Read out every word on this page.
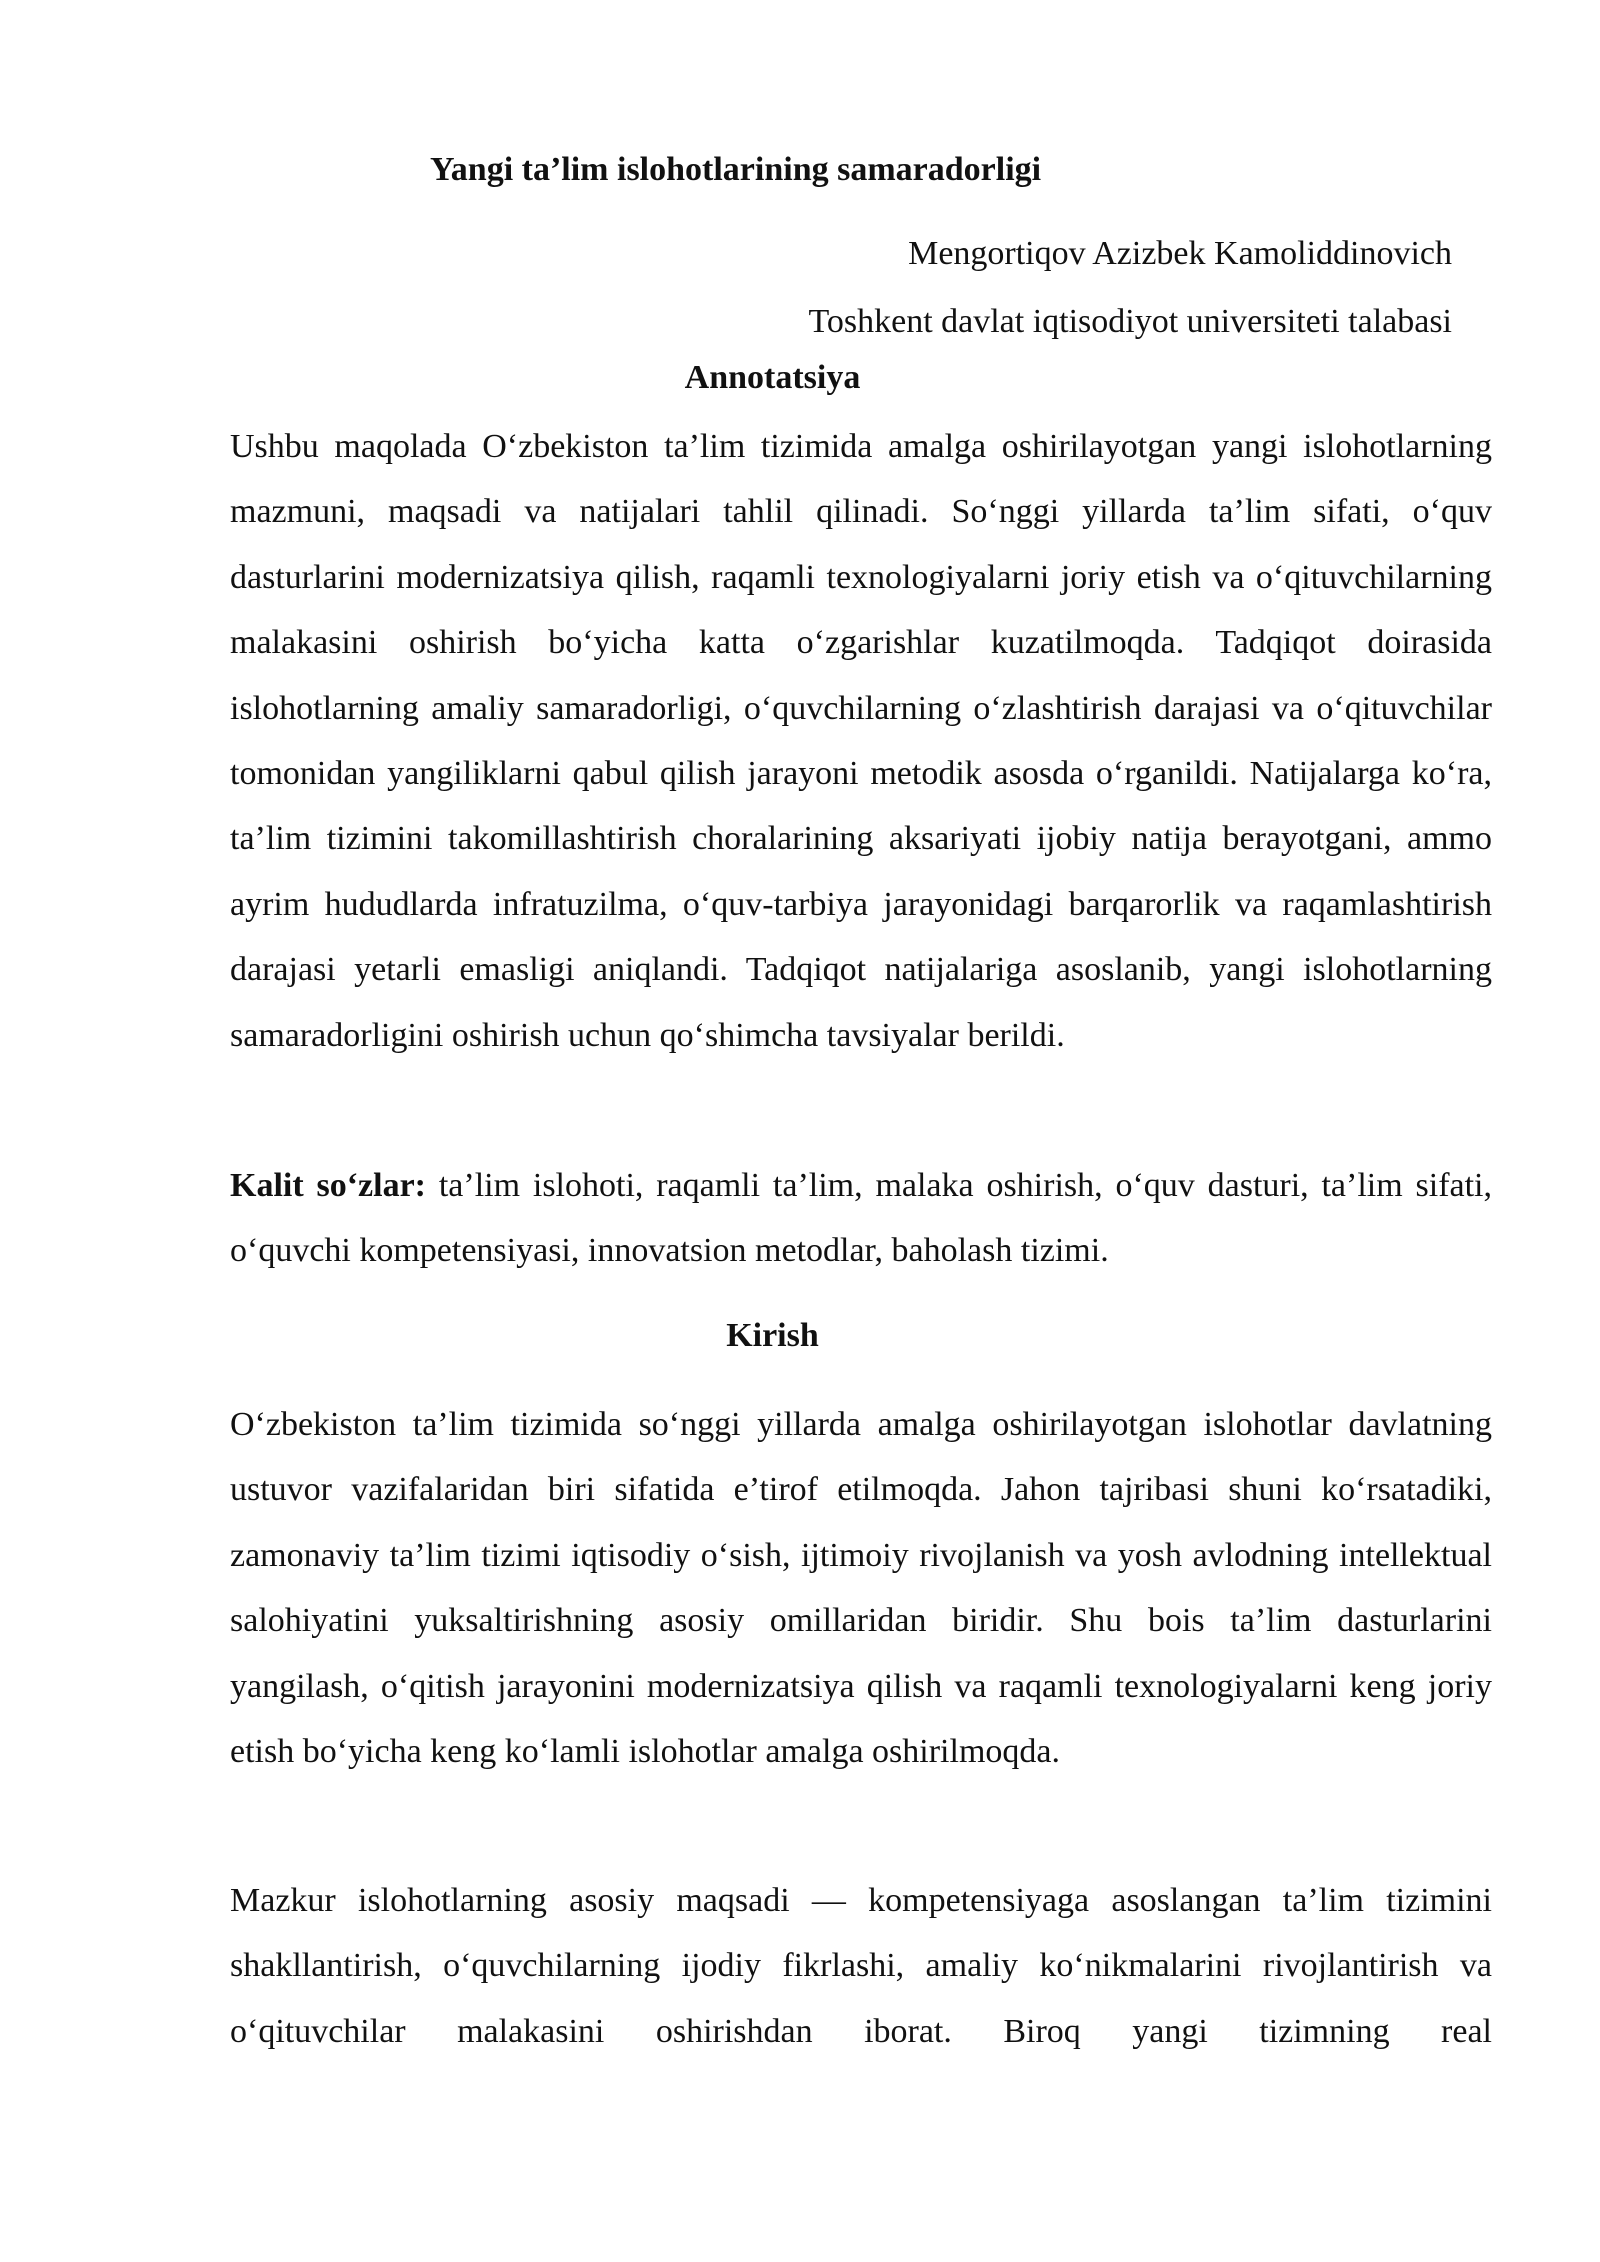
Yangi ta’lim islohotlarining samaradorligi
Mengortiqov Azizbek Kamoliddinovich
Toshkent davlat iqtisodiyot universiteti talabasi
Annotatsiya

Ushbu maqolada O‘zbekiston ta’lim tizimida amalga oshirilayotgan yangi islohotlarning mazmuni, maqsadi va natijalari tahlil qilinadi. So‘nggi yillarda ta’lim sifati, o‘quv dasturlarini modernizatsiya qilish, raqamli texnologiyalarni joriy etish va o‘qituvchilarning malakasini oshirish bo‘yicha katta o‘zgarishlar kuzatilmoqda. Tadqiqot doirasida islohotlarning amaliy samaradorligi, o‘quvchilarning o‘zlashtirish darajasi va o‘qituvchilar tomonidan yangiliklarni qabul qilish jarayoni metodik asosda o‘rganildi. Natijalarga ko‘ra, ta’lim tizimini takomillashtirish choralarining aksariyati ijobiy natija berayotgani, ammo ayrim hududlarda infratuzilma, o‘quv-tarbiya jarayonidagi barqarorlik va raqamlashtirish darajasi yetarli emasligi aniqlandi. Tadqiqot natijalariga asoslanib, yangi islohotlarning samaradorligini oshirish uchun qo‘shimcha tavsiyalar berildi.

Kalit so‘zlar: ta’lim islohoti, raqamli ta’lim, malaka oshirish, o‘quv dasturi, ta’lim sifati, o‘quvchi kompetensiyasi, innovatsion metodlar, baholash tizimi.

Kirish

O‘zbekiston ta’lim tizimida so‘nggi yillarda amalga oshirilayotgan islohotlar davlatning ustuvor vazifalaridan biri sifatida e’tirof etilmoqda. Jahon tajribasi shuni ko‘rsatadiki, zamonaviy ta’lim tizimi iqtisodiy o‘sish, ijtimoiy rivojlanish va yosh avlodning intellektual salohiyatini yuksaltirishning asosiy omillaridan biridir. Shu bois ta’lim dasturlarini yangilash, o‘qitish jarayonini modernizatsiya qilish va raqamli texnologiyalarni keng joriy etish bo‘yicha keng ko‘lamli islohotlar amalga oshirilmoqda.

Mazkur islohotlarning asosiy maqsadi — kompetensiyaga asoslangan ta’lim tizimini shakllantirish, o‘quvchilarning ijodiy fikrlashi, amaliy ko‘nikmalarini rivojlantirish va o‘qituvchilar malakasini oshirishdan iborat. Biroq yangi tizimning real
